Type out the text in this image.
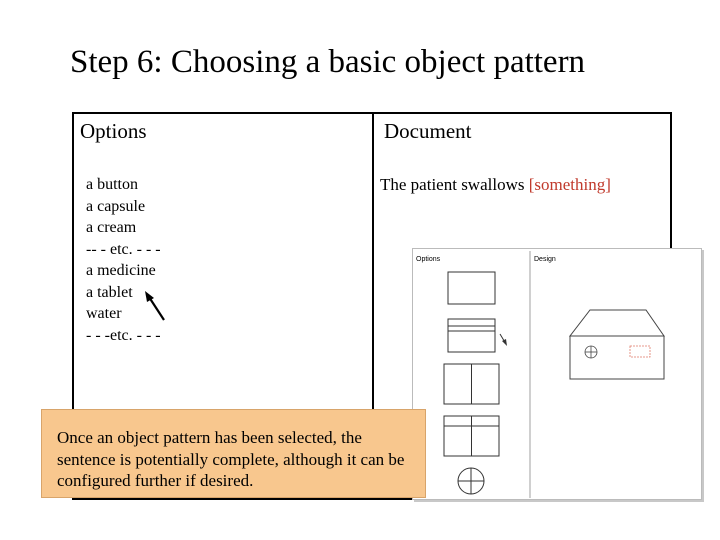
Step 6: Choosing a basic object pattern
Options	Document
a button
a capsule
a cream
-- - etc. - - -
a medicine
a tablet
water
- - -etc. - - -
The patient swallows [something]
Options	Design
Once an object pattern has been selected, the sentence is potentially complete, although it can be configured further if desired.
